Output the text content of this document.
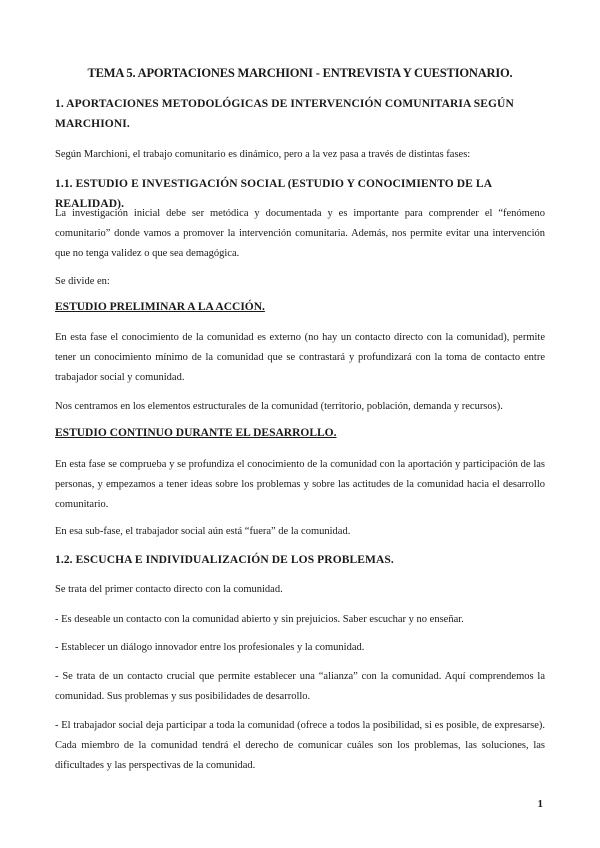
TEMA 5. APORTACIONES MARCHIONI - ENTREVISTA Y CUESTIONARIO.
1. APORTACIONES METODOLÓGICAS DE INTERVENCIÓN COMUNITARIA SEGÚN MARCHIONI.
Según Marchioni, el trabajo comunitario es dinámico, pero a la vez pasa a través de distintas fases:
1.1. ESTUDIO E INVESTIGACIÓN SOCIAL (ESTUDIO Y CONOCIMIENTO DE LA REALIDAD).
La investigación inicial debe ser metódica y documentada y es importante para comprender el “fenómeno comunitario” donde vamos a promover la intervención comunitaria. Además, nos permite evitar una intervención que no tenga validez o que sea demagógica.
Se divide en:
ESTUDIO PRELIMINAR A LA ACCIÓN.
En esta fase el conocimiento de la comunidad es externo (no hay un contacto directo con la comunidad), permite tener un conocimiento mínimo de la comunidad que se contrastará y profundizará con la toma de contacto entre trabajador social y comunidad.
Nos centramos en los elementos estructurales de la comunidad (territorio, población, demanda y recursos).
ESTUDIO CONTINUO DURANTE EL DESARROLLO.
En esta fase se comprueba y se profundiza el conocimiento de la comunidad con la aportación y participación de las personas, y empezamos a tener ideas sobre los problemas y sobre las actitudes de la comunidad hacia el desarrollo comunitario.
En esa sub-fase, el trabajador social aún está “fuera” de la comunidad.
1.2. ESCUCHA E INDIVIDUALIZACIÓN DE LOS PROBLEMAS.
Se trata del primer contacto directo con la comunidad.
- Es deseable un contacto con la comunidad abierto y sin prejuicios. Saber escuchar y no enseñar.
- Establecer un diálogo innovador entre los profesionales y la comunidad.
- Se trata de un contacto crucial que permite establecer una “alianza” con la comunidad. Aquí comprendemos la comunidad. Sus problemas y sus posibilidades de desarrollo.
- El trabajador social deja participar a toda la comunidad (ofrece a todos la posibilidad, si es posible, de expresarse). Cada miembro de la comunidad tendrá el derecho de comunicar cuáles son los problemas, las soluciones, las dificultades y las perspectivas de la comunidad.
1
